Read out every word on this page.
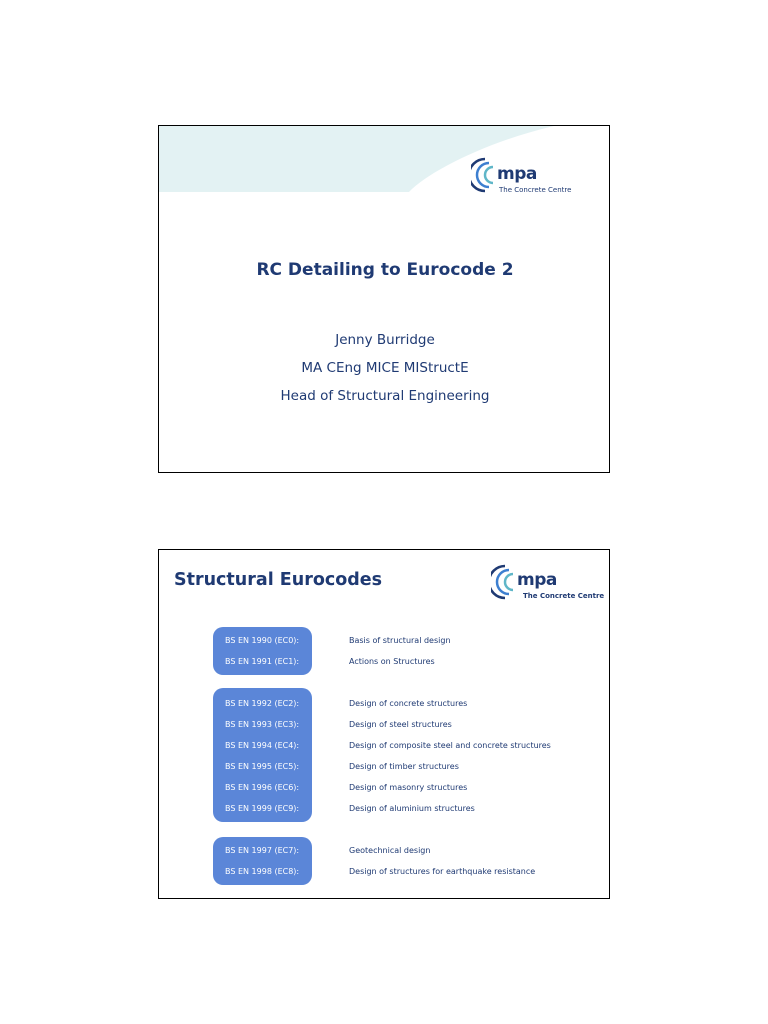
mpa
The Concrete Centre
RC Detailing to Eurocode 2
Jenny Burridge
MA CEng MICE MIStructE
Head of Structural Engineering
Structural Eurocodes	mpa
The Concrete Centre
BS EN 1990 (EC0):	Basis of structural design
BS EN 1991 (EC1):	Actions on Structures
BS EN 1992 (EC2):	Design of concrete structures
BS EN 1993 (EC3):	Design of steel structures
BS EN 1994 (EC4):	Design of composite steel and concrete structures
BS EN 1995 (EC5):	Design of timber structures
BS EN 1996 (EC6):	Design of masonry structures
BS EN 1999 (EC9):	Design of aluminium structures
BS EN 1997 (EC7):	Geotechnical design
BS EN 1998 (EC8):	Design of structures for earthquake resistance
